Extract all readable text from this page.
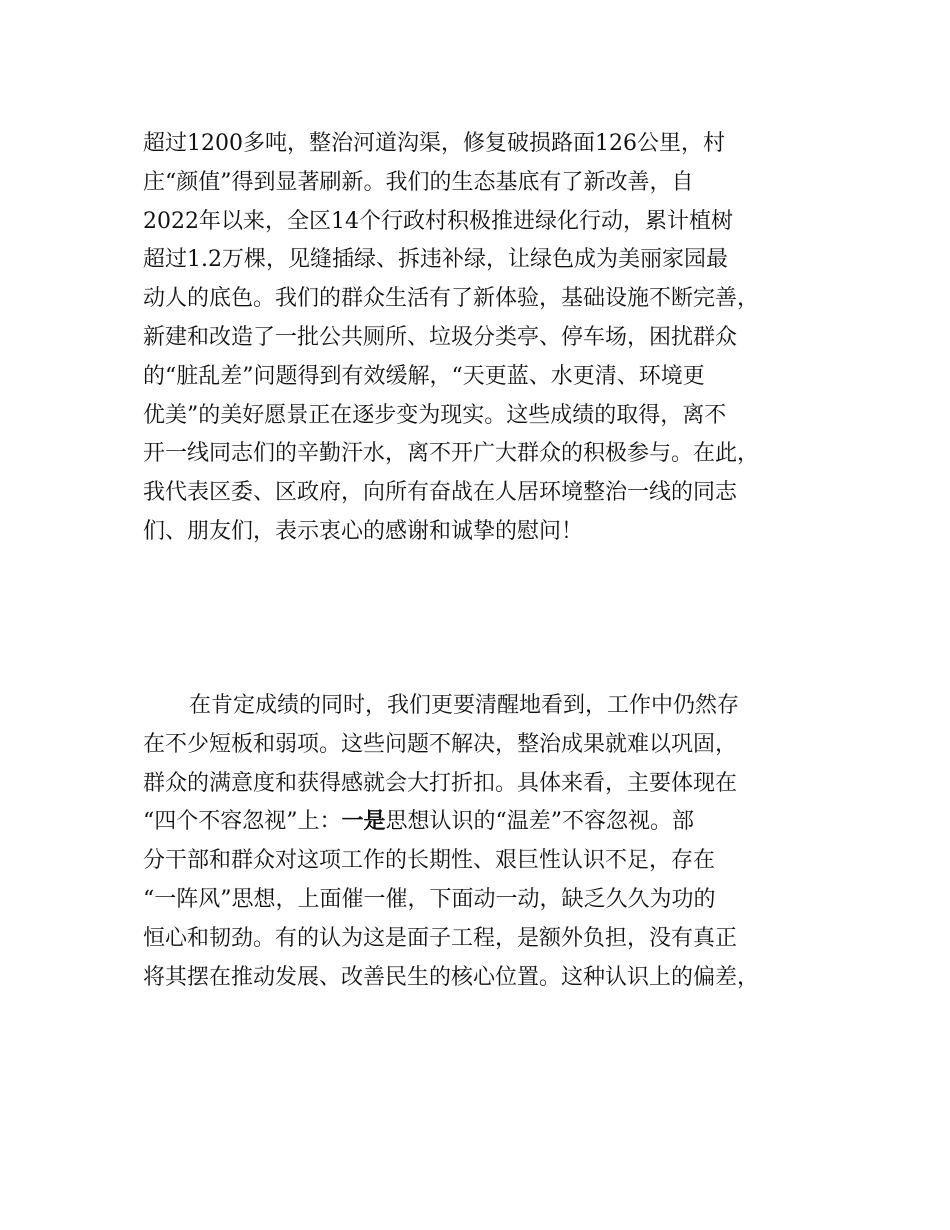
超过1200多吨，整治河道沟渠，修复破损路面126公里，村
庄“颜值”得到显著刷新。我们的生态基底有了新改善，自
2022年以来，全区14个行政村积极推进绿化行动，累计植树
超过1.2万棵，见缝插绿、拆违补绿，让绿色成为美丽家园最
动人的底色。我们的群众生活有了新体验，基础设施不断完善，
新建和改造了一批公共厕所、垃圾分类亭、停车场，困扰群众
的“脏乱差”问题得到有效缓解，“天更蓝、水更清、环境更
优美”的美好愿景正在逐步变为现实。这些成绩的取得，离不
开一线同志们的辛勤汗水，离不开广大群众的积极参与。在此，
我代表区委、区政府，向所有奋战在人居环境整治一线的同志
们、朋友们，表示衷心的感谢和诚挚的慰问！
在肯定成绩的同时，我们更要清醒地看到，工作中仍然存
在不少短板和弱项。这些问题不解决，整治成果就难以巩固，
群众的满意度和获得感就会大打折扣。具体来看，主要体现在
“四个不容忽视”上：一是思想认识的“温差”不容忽视。部
分干部和群众对这项工作的长期性、艰巨性认识不足，存在
“一阵风”思想，上面催一催，下面动一动，缺乏久久为功的
恒心和韧劲。有的认为这是面子工程，是额外负担，没有真正
将其摆在推动发展、改善民生的核心位置。这种认识上的偏差，
